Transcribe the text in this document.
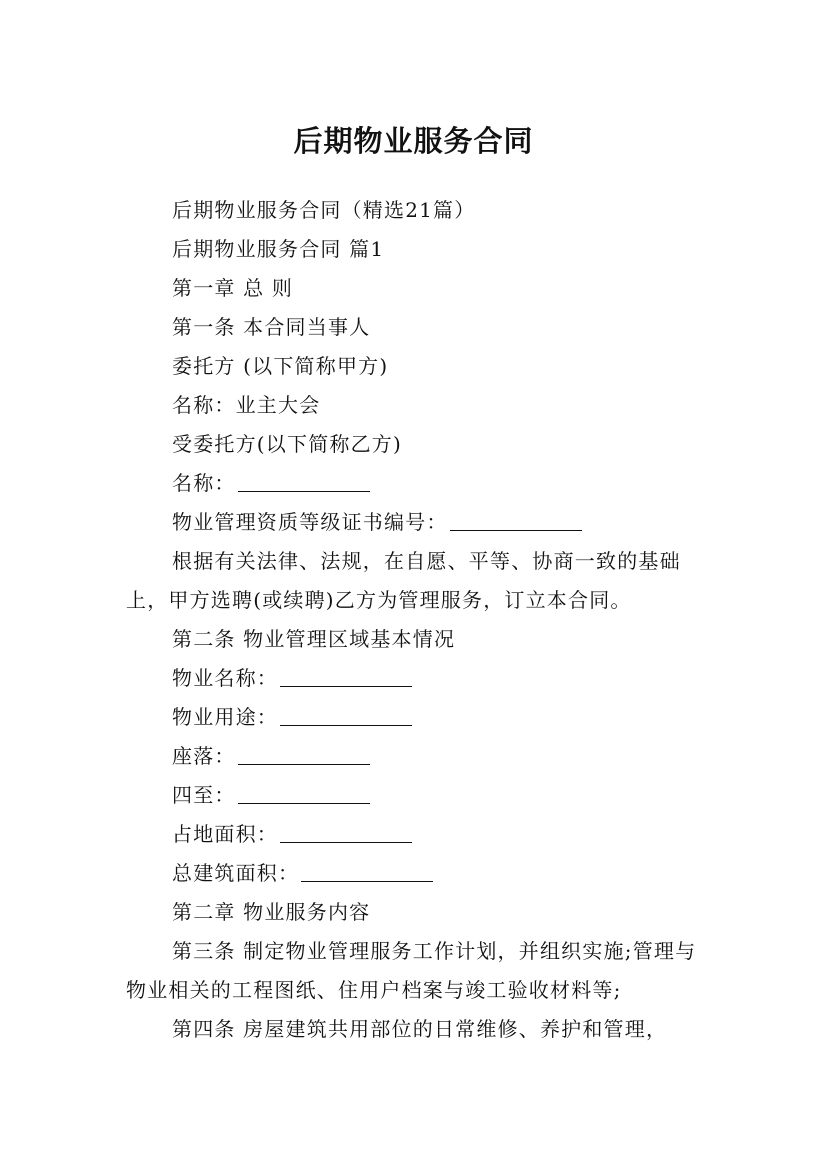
后期物业服务合同

后期物业服务合同（精选21篇）

后期物业服务合同 篇1

第一章 总 则

第一条 本合同当事人

委托方 (以下简称甲方)

名称：业主大会

受委托方(以下简称乙方)

名称：

物业管理资质等级证书编号：

根据有关法律、法规，在自愿、平等、协商一致的基础上，甲方选聘(或续聘)乙方为管理服务，订立本合同。

第二条 物业管理区域基本情况

物业名称：

物业用途：

座落：

四至：

占地面积：

总建筑面积：

第二章 物业服务内容

第三条 制定物业管理服务工作计划，并组织实施;管理与物业相关的工程图纸、住用户档案与竣工验收材料等;

第四条 房屋建筑共用部位的日常维修、养护和管理，
